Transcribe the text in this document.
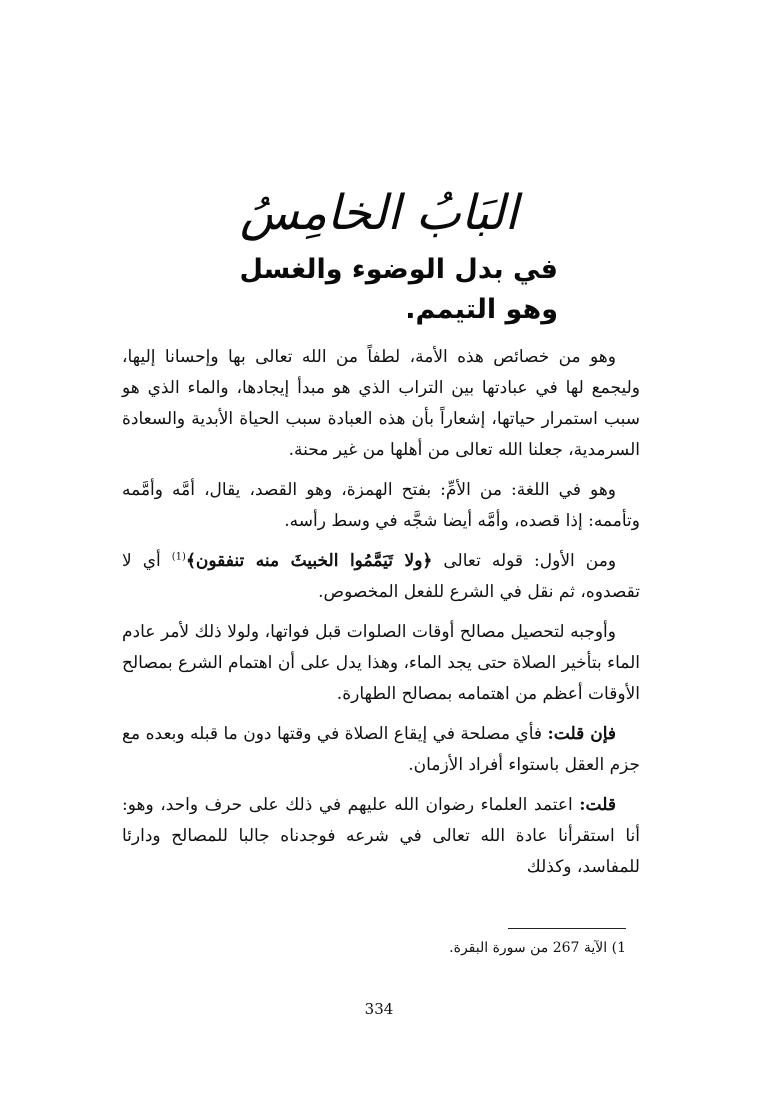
البَابُ الخامِسُ
في بدل الوضوء والغسل وهو التيمم.

وهو من خصائص هذه الأمة، لطفاً من الله تعالى بها وإحسانا إليها، وليجمع لها في عبادتها بين التراب الذي هو مبدأ إيجادها، والماء الذي هو سبب استمرار حياتها، إشعاراً بأن هذه العبادة سبب الحياة الأبدية والسعادة السرمدية، جعلنا الله تعالى من أهلها من غير محنة.

وهو في اللغة: من الأمِّ: بفتح الهمزة، وهو القصد، يقال، أمَّه وأمَّمه وتأممه: إذا قصده، وأمَّه أيضا شجَّه في وسط رأسه.

ومن الأول: قوله تعالى ﴿ولا تَيَمَّمُوا الخبيثَ منه تنفقون﴾$^{(1)}$ أي لا تقصدوه، ثم نقل في الشرع للفعل المخصوص.

وأوجبه لتحصيل مصالح أوقات الصلوات قبل فواتها، ولولا ذلك لأمر عادم الماء بتأخير الصلاة حتى يجد الماء، وهذا يدل على أن اهتمام الشرع بمصالح الأوقات أعظم من اهتمامه بمصالح الطهارة.

فإن قلت: فأي مصلحة في إيقاع الصلاة في وقتها دون ما قبله وبعده مع جزم العقل باستواء أفراد الأزمان.

قلت: اعتمد العلماء رضوان الله عليهم في ذلك على حرف واحد، وهو: أنا استقرأنا عادة الله تعالى في شرعه فوجدناه جالبا للمصالح ودارئا للمفاسد، وكذلك

1) الآية 267 من سورة البقرة.
334
